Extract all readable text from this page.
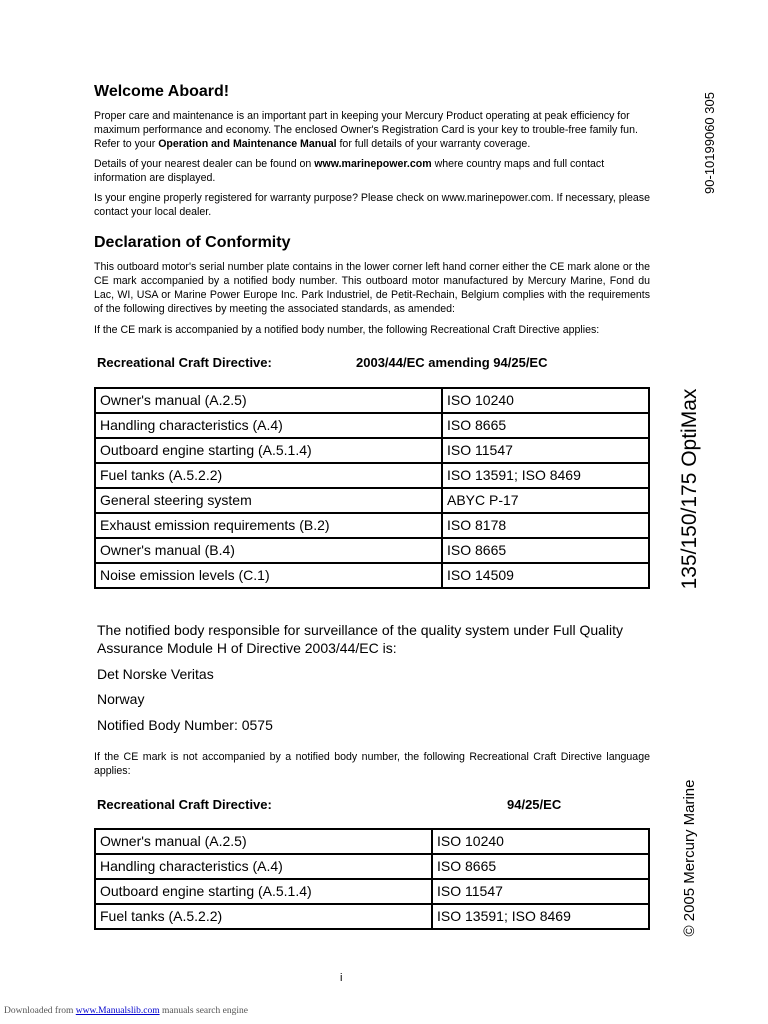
Welcome Aboard!

Proper care and maintenance is an important part in keeping your Mercury Product operating at peak efficiency for maximum performance and economy. The enclosed Owner's Registration Card is your key to trouble-free family fun. Refer to your Operation and Maintenance Manual for full details of your warranty coverage.

Details of your nearest dealer can be found on www.marinepower.com where country maps and full contact information are displayed.

Is your engine properly registered for warranty purpose? Please check on www.marinepower.com. If necessary, please contact your local dealer.

Declaration of Conformity

This outboard motor's serial number plate contains in the lower corner left hand corner either the CE mark alone or the CE mark accompanied by a notified body number. This outboard motor manufactured by Mercury Marine, Fond du Lac, WI, USA or Marine Power Europe Inc. Park Industriel, de Petit-Rechain, Belgium complies with the requirements of the following directives by meeting the associated standards, as amended:

If the CE mark is accompanied by a notified body number, the following Recreational Craft Directive applies:

Recreational Craft Directive:	2003/44/EC amending 94/25/EC
Owner's manual (A.2.5)	ISO 10240
Handling characteristics (A.4)	ISO 8665
Outboard engine starting (A.5.1.4)	ISO 11547
Fuel tanks (A.5.2.2)	ISO 13591; ISO 8469
General steering system	ABYC P-17
Exhaust emission requirements (B.2)	ISO 8178
Owner's manual (B.4)	ISO 8665
Noise emission levels (C.1)	ISO 14509
The notified body responsible for surveillance of the quality system under Full Quality Assurance Module H of Directive 2003/44/EC is:
Det Norske Veritas
Norway
Notified Body Number: 0575

If the CE mark is not accompanied by a notified body number, the following Recreational Craft Directive language applies:

Recreational Craft Directive:	94/25/EC
Owner's manual (A.2.5)	ISO 10240
Handling characteristics (A.4)	ISO 8665
Outboard engine starting (A.5.1.4)	ISO 11547
Fuel tanks (A.5.2.2)	ISO 13591; ISO 8469
i
Downloaded from www.Manualslib.com manuals search engine
90-10199060 305
135/150/175 OptiMax
© 2005 Mercury Marine
